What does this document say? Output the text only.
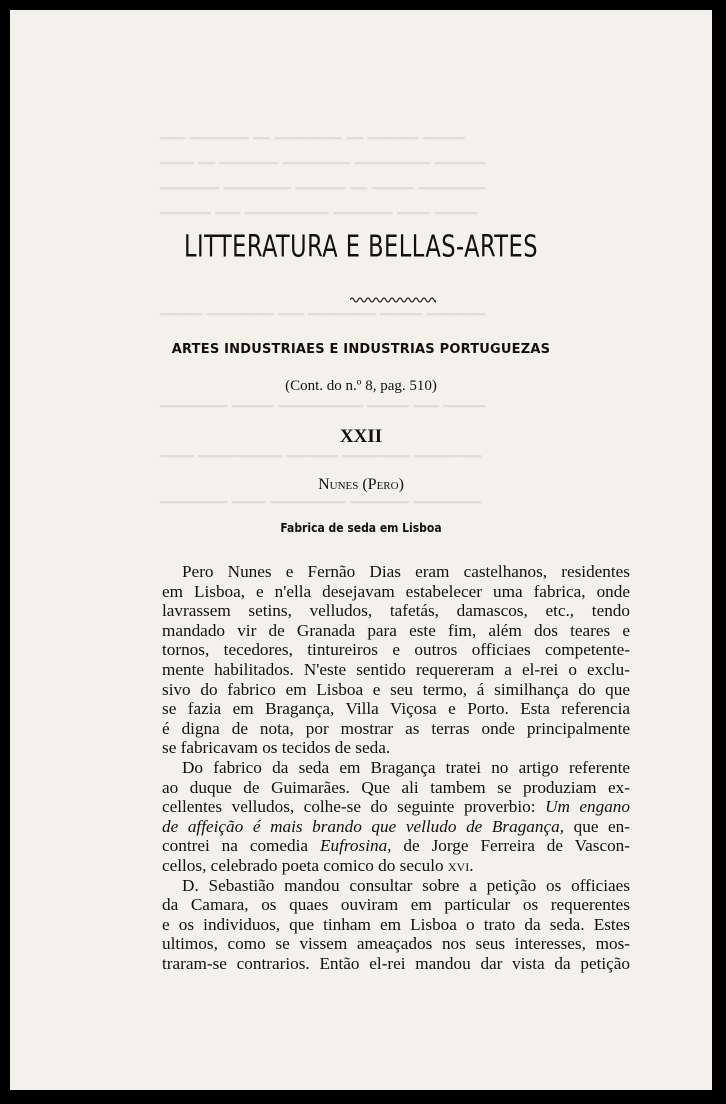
━━━ ━━━━━━━ ━━ ━━━━━━━━ ━━ ━━━━━━ ━━━━━
━━━━ ━━ ━━━━━━━ ━━━━━━━━ ━━━━━━━━━ ━━━━━━
━━━━━━━ ━━━━━━━━ ━━━━━━ ━━ ━━━━━ ━━━━━━━━
━━━━━━ ━━━ ━━━━━━━━━━ ━━━━━━━ ━━━━ ━━━━━
━━━━━ ━━━━━━━━ ━━━ ━━━━━━━━ ━━━━━ ━━━━━━━
━━━━━━━━ ━━━━━ ━━━━━━━━━━ ━━━━━ ━━━ ━━━━━
━━━━ ━━━━━━━━━━ ━━━━━━ ━━━━━━━━ ━━━━━━━━
━━━━━━━━ ━━━━ ━━━━━━━━━ ━━━━━━━ ━━━━━━━━
LITTERATURA E BELLAS-ARTES
ARTES INDUSTRIAES E INDUSTRIAS PORTUGUEZAS
(Cont. do n.º 8, pag. 510)
XXII
Nunes (Pero)
Fabrica de seda em Lisboa
Pero Nunes e Fernão Dias eram castelhanos, residentes
em Lisboa, e n'ella desejavam estabelecer uma fabrica, onde
lavrassem setins, velludos, tafetás, damascos, etc., tendo
mandado vir de Granada para este fim, além dos teares e
tornos, tecedores, tintureiros e outros officiaes competente-
mente habilitados. N'este sentido requereram a el-rei o exclu-
sivo do fabrico em Lisboa e seu termo, á similhança do que
se fazia em Bragança, Villa Viçosa e Porto. Esta referencia
é digna de nota, por mostrar as terras onde principalmente
se fabricavam os tecidos de seda.
Do fabrico da seda em Bragança tratei no artigo referente
ao duque de Guimarães. Que ali tambem se produziam ex-
cellentes velludos, colhe-se do seguinte proverbio: Um engano
de affeição é mais brando que velludo de Bragança, que en-
contrei na comedia Eufrosina, de Jorge Ferreira de Vascon-
cellos, celebrado poeta comico do seculo xvi.
D. Sebastião mandou consultar sobre a petição os officiaes
da Camara, os quaes ouviram em particular os requerentes
e os individuos, que tinham em Lisboa o trato da seda. Estes
ultimos, como se vissem ameaçados nos seus interesses, mos-
traram-se contrarios. Então el-rei mandou dar vista da petição
